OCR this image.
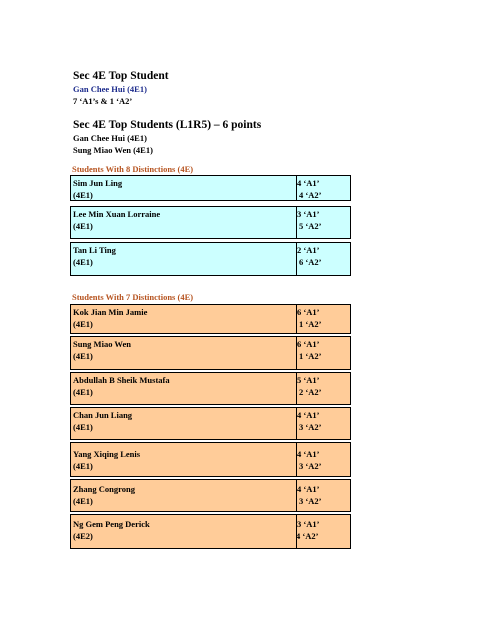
Sec 4E Top Student
Gan Chee Hui (4E1)
7 ‘A1’s & 1 ‘A2’
Sec 4E Top Students (L1R5) – 6 points
Gan Chee Hui (4E1)
Sung Miao Wen (4E1)
Students With 8 Distinctions (4E)
Sim Jun Ling
(4E1)
4 ‘A1’
4 ‘A2’
Lee Min Xuan Lorraine
(4E1)
3 ‘A1’
5 ‘A2’
Tan Li Ting
(4E1)
2 ‘A1’
6 ‘A2’
Students With 7 Distinctions (4E)
Kok Jian Min Jamie
(4E1)
6 ‘A1’
1 ‘A2’
Sung Miao Wen
(4E1)
6 ‘A1’
1 ‘A2’
Abdullah B Sheik Mustafa
(4E1)
5 ‘A1’
2 ‘A2’
Chan Jun Liang
(4E1)
4 ‘A1’
3 ‘A2’
Yang Xiqing Lenis
(4E1)
4 ‘A1’
3 ‘A2’
Zhang Congrong
(4E1)
4 ‘A1’
3 ‘A2’
Ng Gem Peng Derick
(4E2)
3 ‘A1’
4 ‘A2’
